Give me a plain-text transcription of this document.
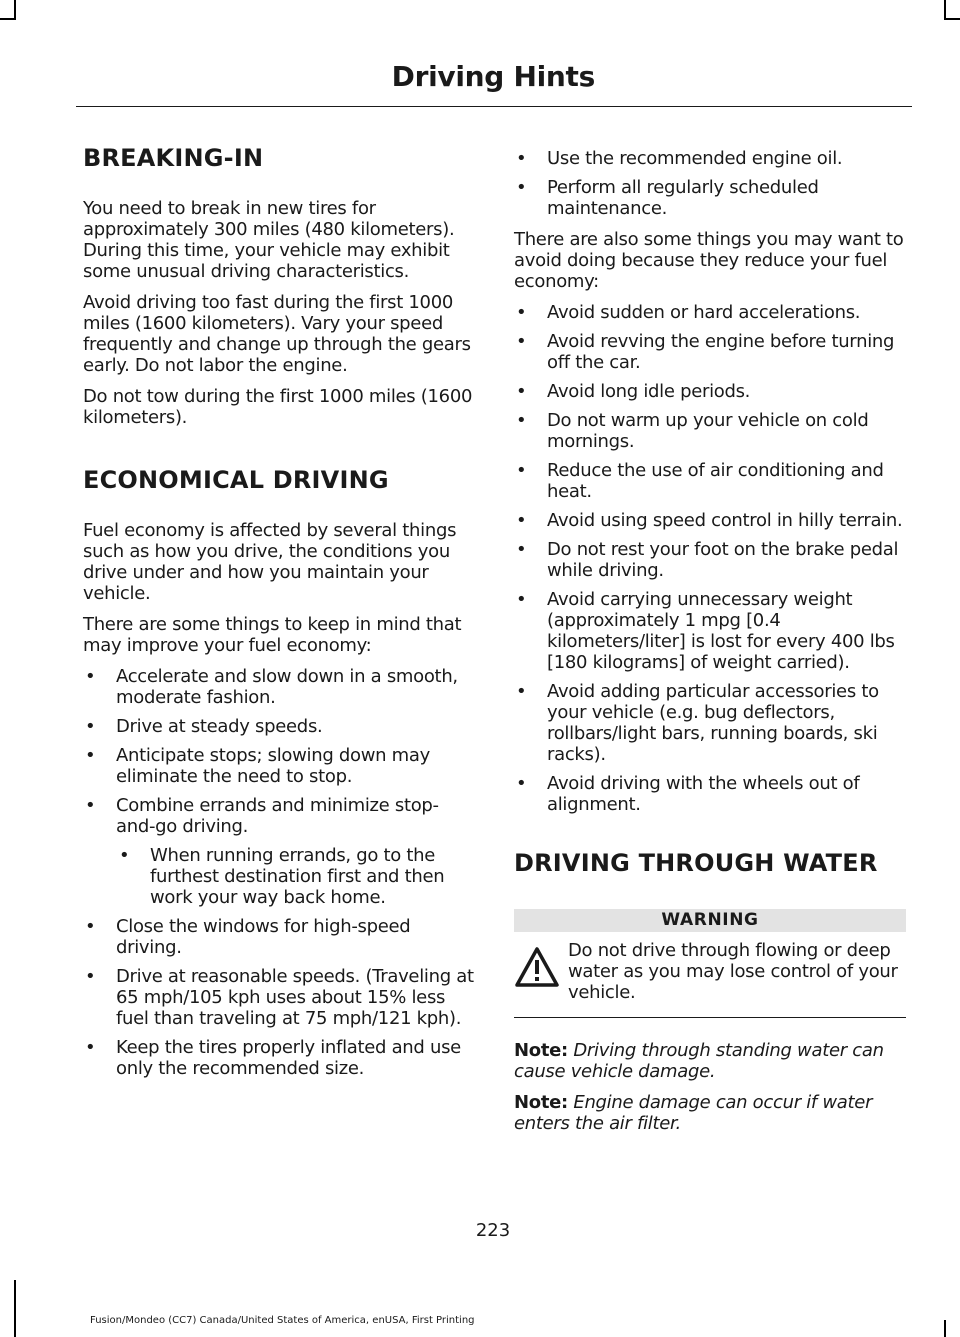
Driving Hints
BREAKING-IN

You need to break in new tires for approximately 300 miles (480 kilometers). During this time, your vehicle may exhibit some unusual driving characteristics.

Avoid driving too fast during the first 1000 miles (1600 kilometers). Vary your speed frequently and change up through the gears early. Do not labor the engine.

Do not tow during the first 1000 miles (1600 kilometers).

ECONOMICAL DRIVING

Fuel economy is affected by several things such as how you drive, the conditions you drive under and how you maintain your vehicle.

There are some things to keep in mind that may improve your fuel economy:

• Accelerate and slow down in a smooth, moderate fashion.
• Drive at steady speeds.
• Anticipate stops; slowing down may eliminate the need to stop.
• Combine errands and minimize stop-and-go driving.
• When running errands, go to the furthest destination first and then work your way back home.
• Close the windows for high-speed driving.
• Drive at reasonable speeds. (Traveling at 65 mph/105 kph uses about 15% less fuel than traveling at 75 mph/121 kph).
• Keep the tires properly inflated and use only the recommended size.
• Use the recommended engine oil.
• Perform all regularly scheduled maintenance.

There are also some things you may want to avoid doing because they reduce your fuel economy:

• Avoid sudden or hard accelerations.
• Avoid revving the engine before turning off the car.
• Avoid long idle periods.
• Do not warm up your vehicle on cold mornings.
• Reduce the use of air conditioning and heat.
• Avoid using speed control in hilly terrain.
• Do not rest your foot on the brake pedal while driving.
• Avoid carrying unnecessary weight (approximately 1 mpg [0.4 kilometers/liter] is lost for every 400 lbs [180 kilograms] of weight carried).
• Avoid adding particular accessories to your vehicle (e.g. bug deflectors, rollbars/light bars, running boards, ski racks).
• Avoid driving with the wheels out of alignment.
DRIVING THROUGH WATER
WARNING

Do not drive through flowing or deep water as you may lose control of your vehicle.

Note: Driving through standing water can cause vehicle damage.

Note: Engine damage can occur if water enters the air filter.

223
Fusion/Mondeo (CC7) Canada/United States of America, enUSA, First Printing
